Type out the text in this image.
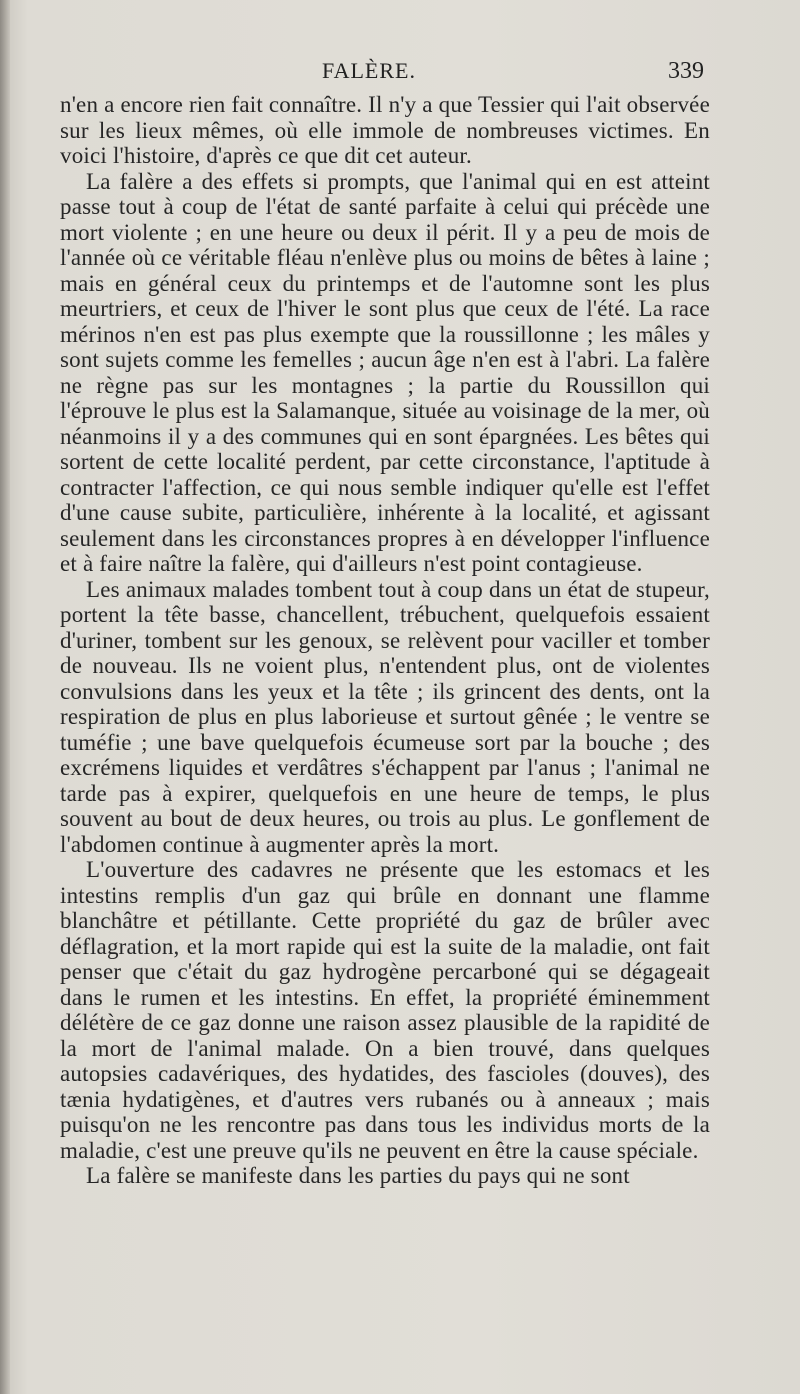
FALÈRE.	339

n'en a encore rien fait connaître. Il n'y a que Tessier qui l'ait observée sur les lieux mêmes, où elle immole de nombreuses victimes. En voici l'histoire, d'après ce que dit cet auteur.

La falère a des effets si prompts, que l'animal qui en est atteint passe tout à coup de l'état de santé parfaite à celui qui précède une mort violente ; en une heure ou deux il périt. Il y a peu de mois de l'année où ce véritable fléau n'enlève plus ou moins de bêtes à laine ; mais en général ceux du printemps et de l'automne sont les plus meurtriers, et ceux de l'hiver le sont plus que ceux de l'été. La race mérinos n'en est pas plus exempte que la roussillonne ; les mâles y sont sujets comme les femelles ; aucun âge n'en est à l'abri. La falère ne règne pas sur les montagnes ; la partie du Roussillon qui l'éprouve le plus est la Salamanque, située au voisinage de la mer, où néanmoins il y a des communes qui en sont épargnées. Les bêtes qui sortent de cette localité perdent, par cette circonstance, l'aptitude à contracter l'affection, ce qui nous semble indiquer qu'elle est l'effet d'une cause subite, particulière, inhérente à la localité, et agissant seulement dans les circonstances propres à en développer l'influence et à faire naître la falère, qui d'ailleurs n'est point contagieuse.

Les animaux malades tombent tout à coup dans un état de stupeur, portent la tête basse, chancellent, trébuchent, quelquefois essaient d'uriner, tombent sur les genoux, se relèvent pour vaciller et tomber de nouveau. Ils ne voient plus, n'entendent plus, ont de violentes convulsions dans les yeux et la tête ; ils grincent des dents, ont la respiration de plus en plus laborieuse et surtout gênée ; le ventre se tuméfie ; une bave quelquefois écumeuse sort par la bouche ; des excrémens liquides et verdâtres s'échappent par l'anus ; l'animal ne tarde pas à expirer, quelquefois en une heure de temps, le plus souvent au bout de deux heures, ou trois au plus. Le gonflement de l'abdomen continue à augmenter après la mort.

L'ouverture des cadavres ne présente que les estomacs et les intestins remplis d'un gaz qui brûle en donnant une flamme blanchâtre et pétillante. Cette propriété du gaz de brûler avec déflagration, et la mort rapide qui est la suite de la maladie, ont fait penser que c'était du gaz hydrogène percarboné qui se dégageait dans le rumen et les intestins. En effet, la propriété éminemment délétère de ce gaz donne une raison assez plausible de la rapidité de la mort de l'animal malade. On a bien trouvé, dans quelques autopsies cadavériques, des hydatides, des fascioles (douves), des tænia hydatigènes, et d'autres vers rubanés ou à anneaux ; mais puisqu'on ne les rencontre pas dans tous les individus morts de la maladie, c'est une preuve qu'ils ne peuvent en être la cause spéciale.

La falère se manifeste dans les parties du pays qui ne sont
